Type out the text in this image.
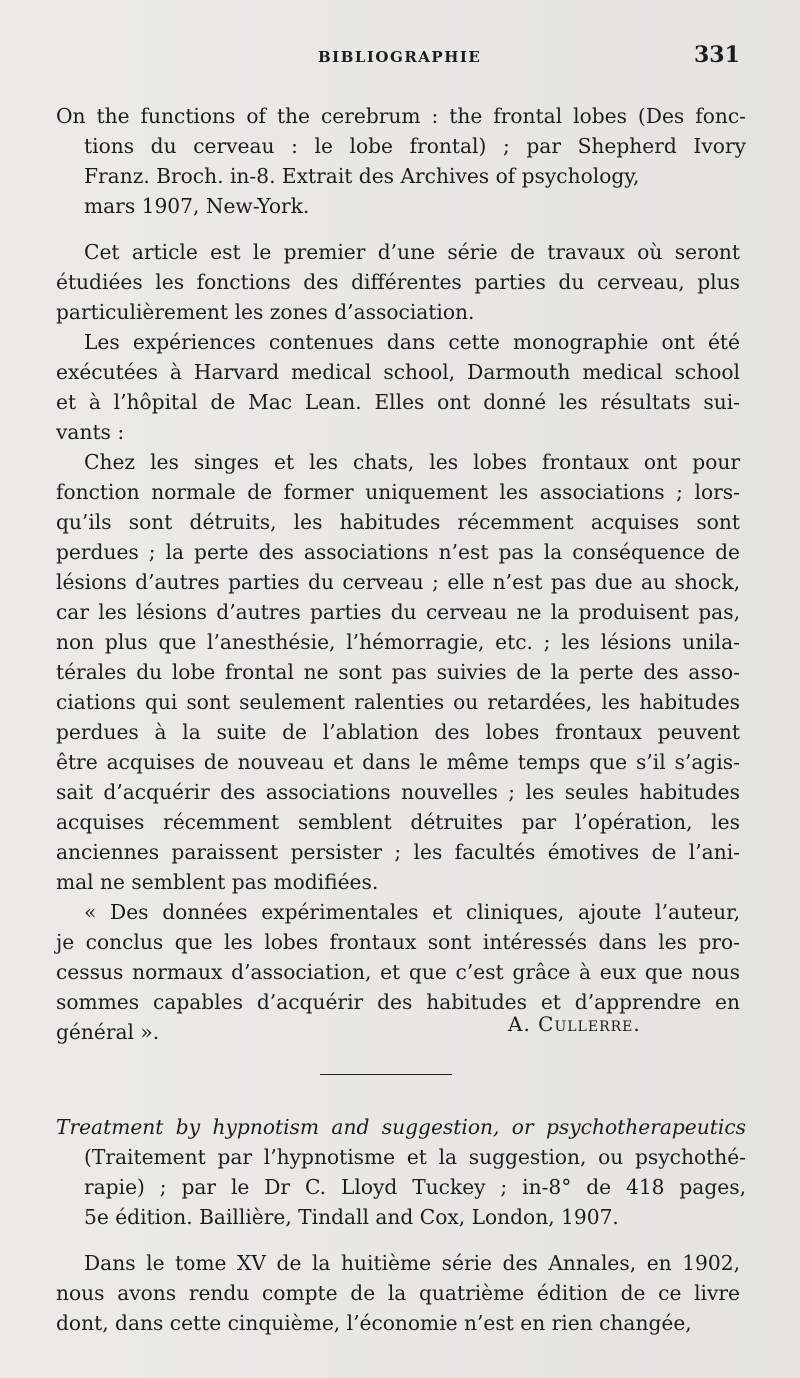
BIBLIOGRAPHIE	331
On the functions of the cerebrum : the frontal lobes (Des fonc-
tions du cerveau : le lobe frontal) ; par Shepherd Ivory
Franz. Broch. in-8. Extrait des Archives of psychology,
mars 1907, New-York.
Cet article est le premier d’une série de travaux où seront
étudiées les fonctions des différentes parties du cerveau, plus
particulièrement les zones d’association.
Les expériences contenues dans cette monographie ont été
exécutées à Harvard medical school, Darmouth medical school
et à l’hôpital de Mac Lean. Elles ont donné les résultats sui-
vants :
Chez les singes et les chats, les lobes frontaux ont pour
fonction normale de former uniquement les associations ; lors-
qu’ils sont détruits, les habitudes récemment acquises sont
perdues ; la perte des associations n’est pas la conséquence de
lésions d’autres parties du cerveau ; elle n’est pas due au shock,
car les lésions d’autres parties du cerveau ne la produisent pas,
non plus que l’anesthésie, l’hémorragie, etc. ; les lésions unila-
térales du lobe frontal ne sont pas suivies de la perte des asso-
ciations qui sont seulement ralenties ou retardées, les habitudes
perdues à la suite de l’ablation des lobes frontaux peuvent
être acquises de nouveau et dans le même temps que s’il s’agis-
sait d’acquérir des associations nouvelles ; les seules habitudes
acquises récemment semblent détruites par l’opération, les
anciennes paraissent persister ; les facultés émotives de l’ani-
mal ne semblent pas modifiées.
« Des données expérimentales et cliniques, ajoute l’auteur,
je conclus que les lobes frontaux sont intéressés dans les pro-
cessus normaux d’association, et que c’est grâce à eux que nous
sommes capables d’acquérir des habitudes et d’apprendre en
général ».	A. Cullerre.
Treatment by hypnotism and suggestion, or psychotherapeutics
(Traitement par l’hypnotisme et la suggestion, ou psychothé-
rapie) ; par le Dr C. Lloyd Tuckey ; in-8° de 418 pages,
5e édition. Baillière, Tindall and Cox, London, 1907.
Dans le tome XV de la huitième série des Annales, en 1902,
nous avons rendu compte de la quatrième édition de ce livre
dont, dans cette cinquième, l’économie n’est en rien changée,
